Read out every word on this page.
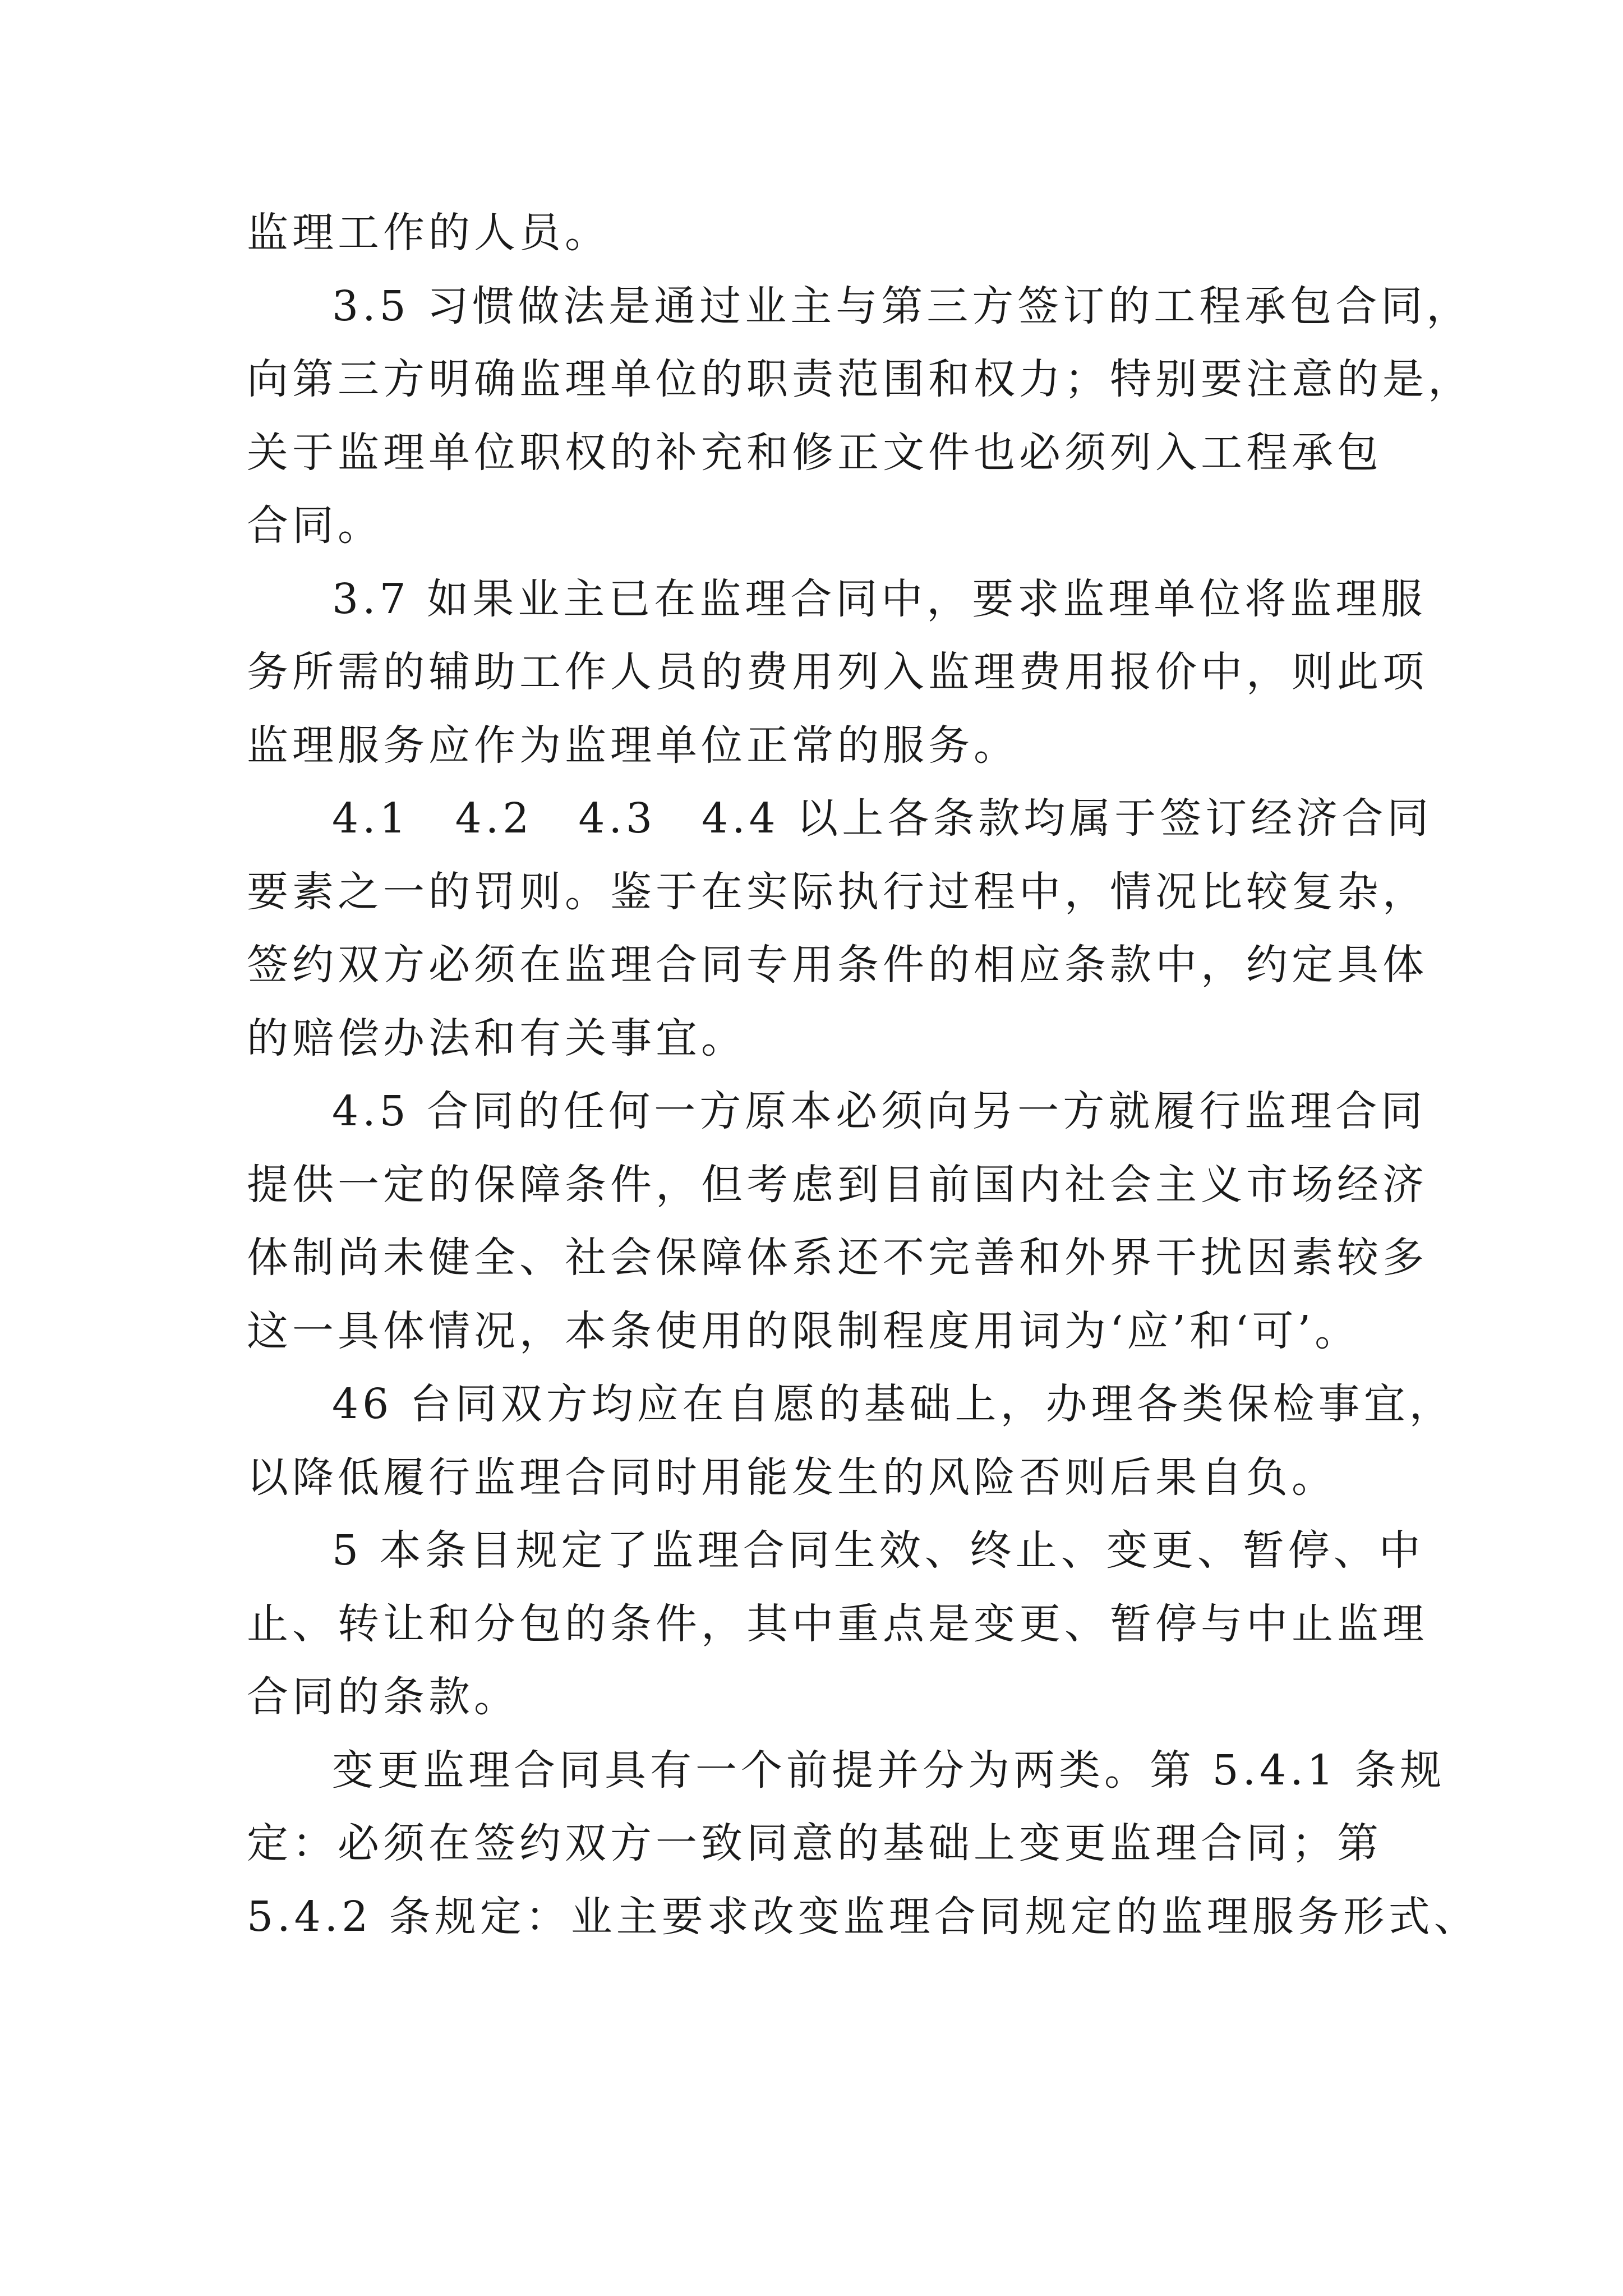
监理工作的人员。
3.5 习惯做法是通过业主与第三方签订的工程承包合同，
向第三方明确监理单位的职责范围和权力；特别要注意的是，
关于监理单位职权的补充和修正文件也必须列入工程承包
合同。
3.7 如果业主已在监理合同中，要求监理单位将监理服
务所需的辅助工作人员的费用列入监理费用报价中，则此项
监理服务应作为监理单位正常的服务。
4.1　4.2　4.3　4.4 以上各条款均属于签订经济合同
要素之一的罚则。鉴于在实际执行过程中，情况比较复杂，
签约双方必须在监理合同专用条件的相应条款中，约定具体
的赔偿办法和有关事宜。
4.5 合同的任何一方原本必须向另一方就履行监理合同
提供一定的保障条件，但考虑到目前国内社会主义市场经济
体制尚未健全、社会保障体系还不完善和外界干扰因素较多
这一具体情况，本条使用的限制程度用词为‘应’和‘可’。
46 台同双方均应在自愿的基础上，办理各类保检事宜，
以降低履行监理合同时用能发生的风险否则后果自负。
5 本条目规定了监理合同生效、终止、变更、暂停、中
止、转让和分包的条件，其中重点是变更、暂停与中止监理
合同的条款。
变更监理合同具有一个前提并分为两类。第 5.4.1 条规
定：必须在签约双方一致同意的基础上变更监理合同；第
5.4.2 条规定：业主要求改变监理合同规定的监理服务形式、
